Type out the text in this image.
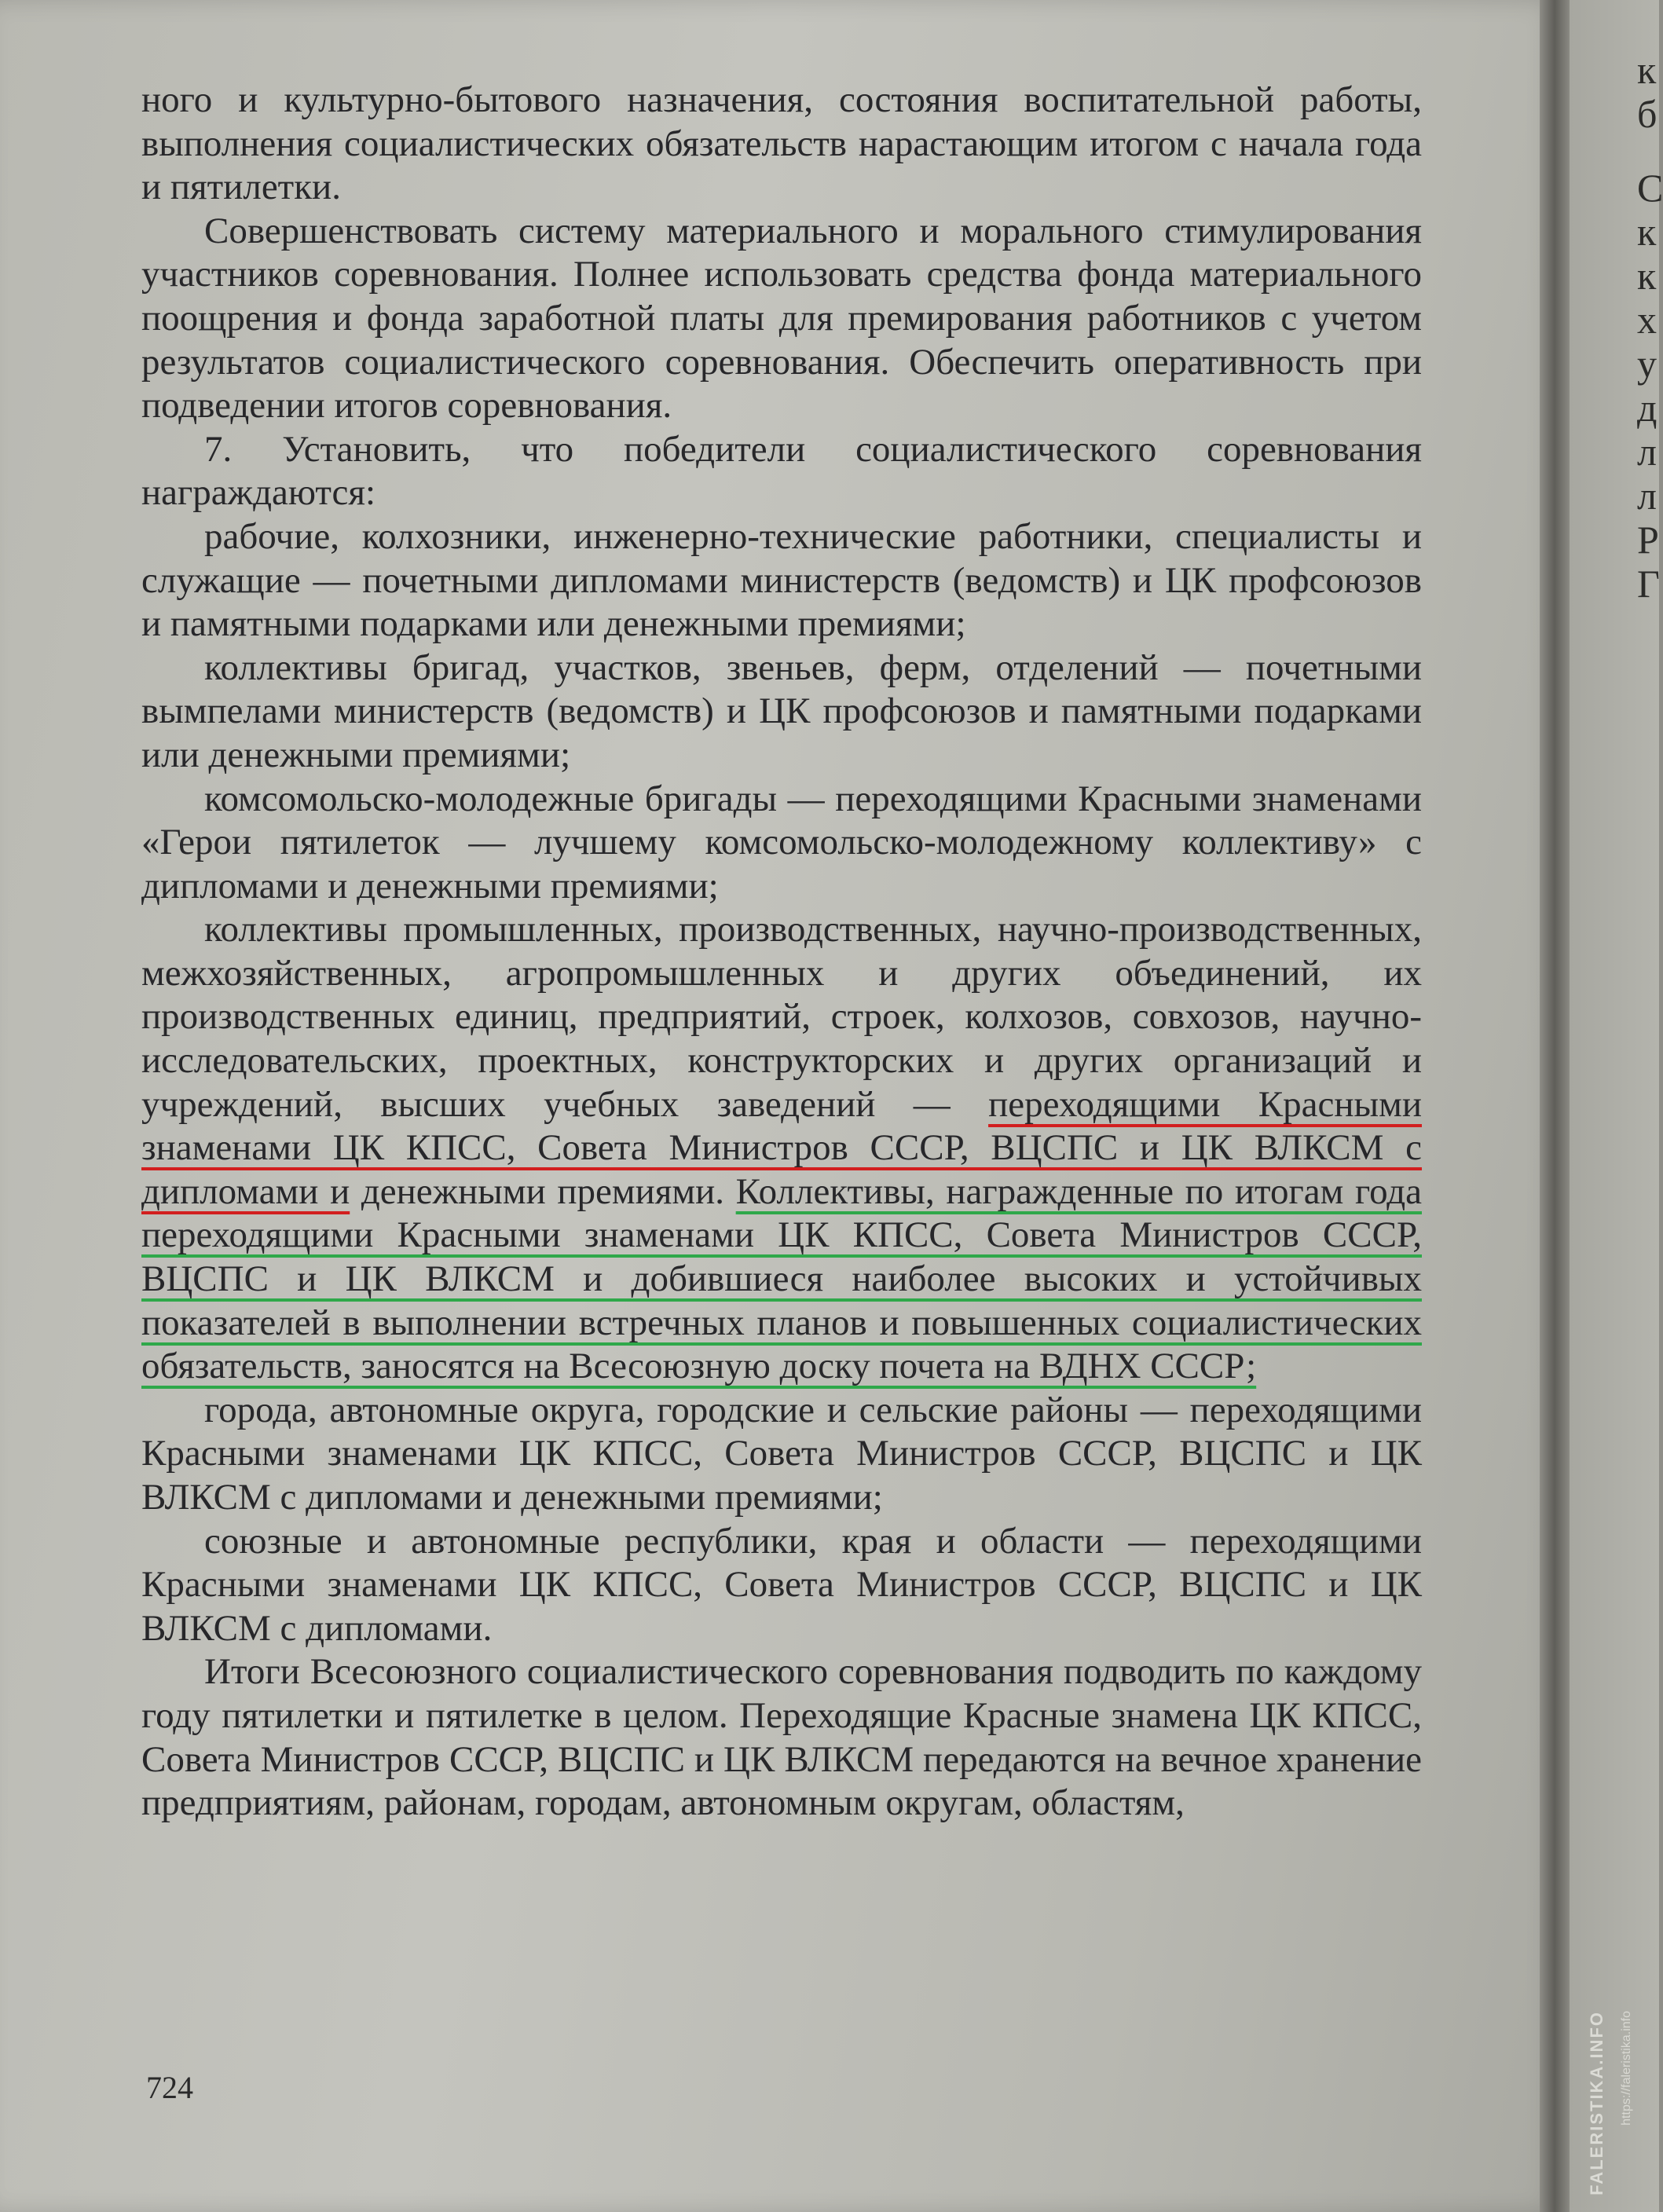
ного и культурно-бытового назначения, состояния воспитательной работы, выполнения социалистических обязательств нарастающим итогом с начала года и пятилетки.

Совершенствовать систему материального и морального стимулирования участников соревнования. Полнее использовать средства фонда материального поощрения и фонда заработной платы для премирования работников с учетом результатов социалистического соревнования. Обеспечить оперативность при подведении итогов соревнования.

7. Установить, что победители социалистического соревнования награждаются:

рабочие, колхозники, инженерно-технические работники, специалисты и служащие — почетными дипломами министерств (ведомств) и ЦК профсоюзов и памятными подарками или денежными премиями;

коллективы бригад, участков, звеньев, ферм, отделений — почетными вымпелами министерств (ведомств) и ЦК профсоюзов и памятными подарками или денежными премиями;

комсомольско-молодежные бригады — переходящими Красными знаменами «Герои пятилеток — лучшему комсомольско-молодежному коллективу» с дипломами и денежными премиями;

коллективы промышленных, производственных, научно-производственных, межхозяйственных, агропромышленных и других объединений, их производственных единиц, предприятий, строек, колхозов, совхозов, научно-исследовательских, проектных, конструкторских и других организаций и учреждений, высших учебных заведений — переходящими Красными знаменами ЦК КПСС, Совета Министров СССР, ВЦСПС и ЦК ВЛКСМ с дипломами и денежными премиями. Коллективы, награжденные по итогам года переходящими Красными знаменами ЦК КПСС, Совета Министров СССР, ВЦСПС и ЦК ВЛКСМ и добившиеся наиболее высоких и устойчивых показателей в выполнении встречных планов и повышенных социалистических обязательств, заносятся на Всесоюзную доску почета на ВДНХ СССР;

города, автономные округа, городские и сельские районы — переходящими Красными знаменами ЦК КПСС, Совета Министров СССР, ВЦСПС и ЦК ВЛКСМ с дипломами и денежными премиями;

союзные и автономные республики, края и области — переходящими Красными знаменами ЦК КПСС, Совета Министров СССР, ВЦСПС и ЦК ВЛКСМ с дипломами.

Итоги Всесоюзного социалистического соревнования подводить по каждому году пятилетки и пятилетке в целом. Переходящие Красные знамена ЦК КПСС, Совета Министров СССР, ВЦСПС и ЦК ВЛКСМ передаются на вечное хранение предприятиям, районам, городам, автономным округам, областям,

724
к
б
С
к
к
х
у
д
л
л
Р
Г
FALERISTIKA.INFO	https://faleristika.info
